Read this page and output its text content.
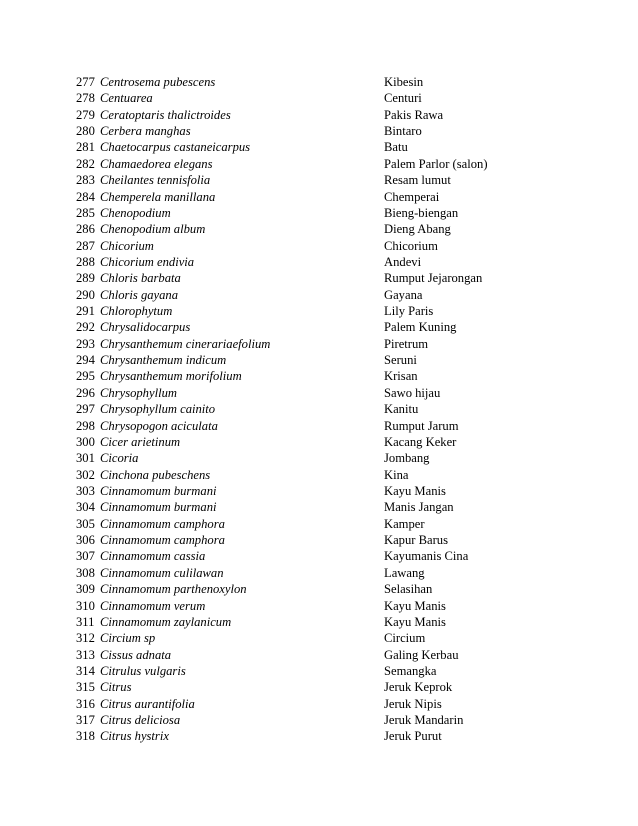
277 Centrosema pubescens	Kibesin
278 Centuarea	Centuri
279 Ceratoptaris thalictroides	Pakis Rawa
280 Cerbera manghas	Bintaro
281 Chaetocarpus castaneicarpus	Batu
282 Chamaedorea elegans	Palem Parlor (salon)
283 Cheilantes tennisfolia	Resam lumut
284 Chemperela manillana	Chemperai
285 Chenopodium	Bieng-biengan
286 Chenopodium album	Dieng Abang
287 Chicorium	Chicorium
288 Chicorium endivia	Andevi
289 Chloris barbata	Rumput Jejarongan
290 Chloris gayana	Gayana
291 Chlorophytum	Lily Paris
292 Chrysalidocarpus	Palem Kuning
293 Chrysanthemum cinerariaefolium	Piretrum
294 Chrysanthemum indicum	Seruni
295 Chrysanthemum morifolium	Krisan
296 Chrysophyllum	Sawo hijau
297 Chrysophyllum cainito	Kanitu
298 Chrysopogon aciculata	Rumput Jarum
300 Cicer arietinum	Kacang Keker
301 Cicoria	Jombang
302 Cinchona pubeschens	Kina
303 Cinnamomum burmani	Kayu Manis
304 Cinnamomum burmani	Manis Jangan
305 Cinnamomum camphora	Kamper
306 Cinnamomum camphora	Kapur Barus
307 Cinnamomum cassia	Kayumanis Cina
308 Cinnamomum culilawan	Lawang
309 Cinnamomum parthenoxylon	Selasihan
310 Cinnamomum verum	Kayu Manis
311 Cinnamomum zaylanicum	Kayu Manis
312 Circium sp	Circium
313 Cissus adnata	Galing Kerbau
314 Citrulus vulgaris	Semangka
315 Citrus	Jeruk Keprok
316 Citrus aurantifolia	Jeruk Nipis
317 Citrus deliciosa	Jeruk Mandarin
318 Citrus hystrix	Jeruk Purut
